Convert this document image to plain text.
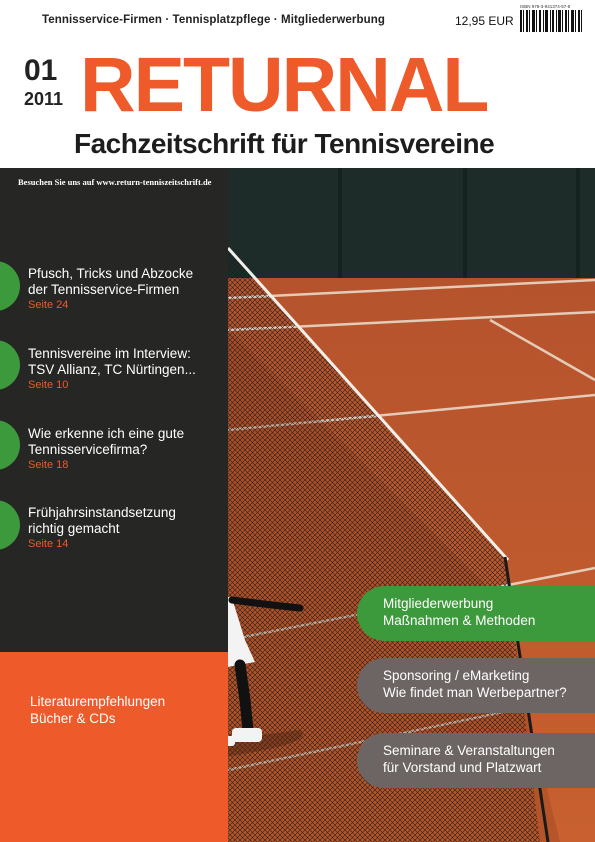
Tennisservice-Firmen · Tennisplatzpflege · Mitgliederwerbung	12,95 EUR
ISBN 978-3-941374-57-8
01
2011 RETURNAL
Fachzeitschrift für Tennisvereine
Besuchen Sie uns auf www.return-tenniszeitschrift.de
Pfusch, Tricks und Abzocke
der Tennisservice-Firmen
Seite 24
Tennisvereine im Interview:
TSV Allianz, TC Nürtingen...
Seite 10
Wie erkenne ich eine gute
Tennisservicefirma?
Seite 18
Frühjahrsinstandsetzung
richtig gemacht
Seite 14
Literaturempfehlungen
Bücher & CDs
Mitgliederwerbung
Maßnahmen & Methoden
Sponsoring / eMarketing
Wie findet man Werbepartner?
Seminare & Veranstaltungen
für Vorstand und Platzwart
